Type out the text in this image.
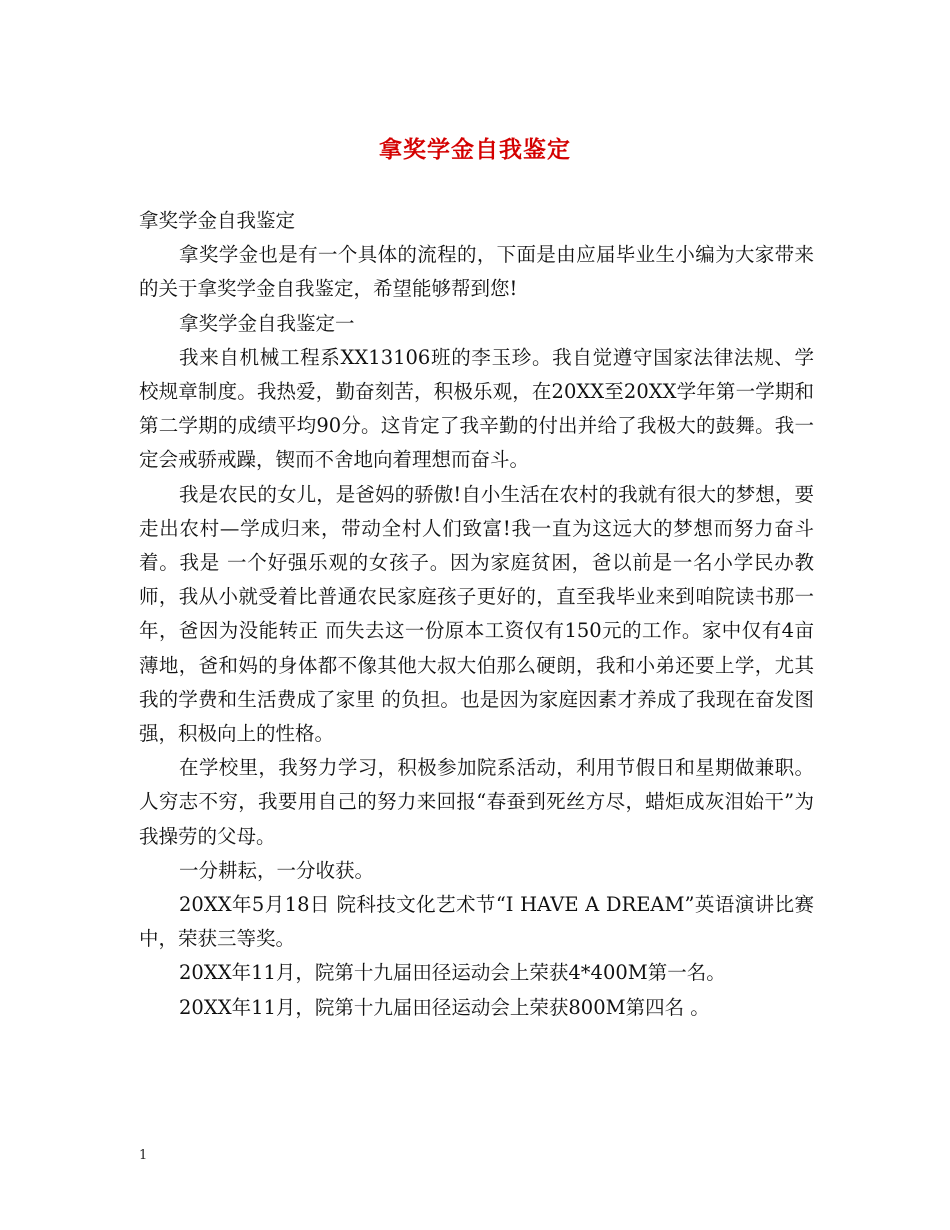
拿奖学金自我鉴定

拿奖学金自我鉴定

拿奖学金也是有一个具体的流程的，下面是由应届毕业生小编为大家带来的关于拿奖学金自我鉴定，希望能够帮到您!

拿奖学金自我鉴定一

我来自机械工程系XX13106班的李玉珍。我自觉遵守国家法律法规、学校规章制度。我热爱，勤奋刻苦，积极乐观，在20XX至20XX学年第一学期和第二学期的成绩平均90分。这肯定了我辛勤的付出并给了我极大的鼓舞。我一定会戒骄戒躁，锲而不舍地向着理想而奋斗。

我是农民的女儿，是爸妈的骄傲!自小生活在农村的我就有很大的梦想，要走出农村—学成归来，带动全村人们致富!我一直为这远大的梦想而努力奋斗着。我是 一个好强乐观的女孩子。因为家庭贫困，爸以前是一名小学民办教师，我从小就受着比普通农民家庭孩子更好的，直至我毕业来到咱院读书那一年，爸因为没能转正 而失去这一份原本工资仅有150元的工作。家中仅有4亩薄地，爸和妈的身体都不像其他大叔大伯那么硬朗，我和小弟还要上学，尤其我的学费和生活费成了家里 的负担。也是因为家庭因素才养成了我现在奋发图强，积极向上的性格。

在学校里，我努力学习，积极参加院系活动，利用节假日和星期做兼职。人穷志不穷，我要用自己的努力来回报“春蚕到死丝方尽，蜡炬成灰泪始干”为我操劳的父母。

一分耕耘，一分收获。

20XX年5月18日 院科技文化艺术节“I HAVE A DREAM”英语演讲比赛中，荣获三等奖。

20XX年11月，院第十九届田径运动会上荣获4*400M第一名。

20XX年11月，院第十九届田径运动会上荣获800M第四名 。

1
